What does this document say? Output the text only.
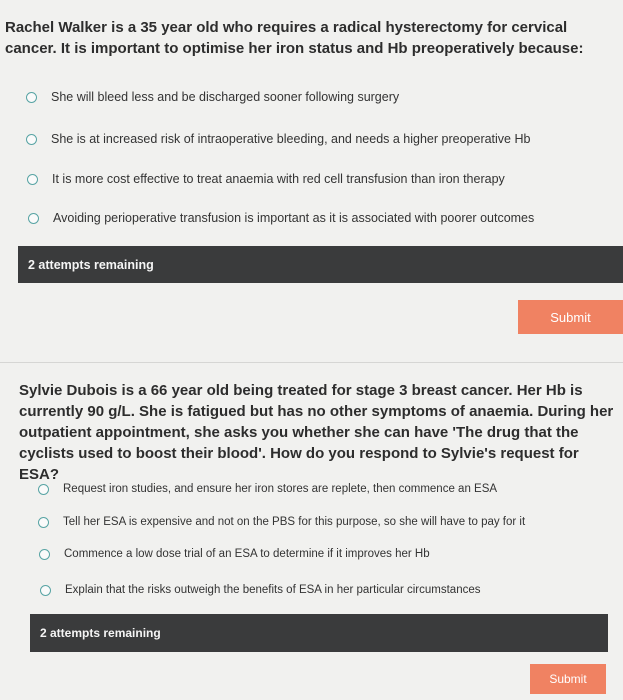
Rachel Walker is a 35 year old who requires a radical hysterectomy for cervical cancer. It is important to optimise her iron status and Hb preoperatively because:
She will bleed less and be discharged sooner following surgery
She is at increased risk of intraoperative bleeding, and needs a higher preoperative Hb
It is more cost effective to treat anaemia with red cell transfusion than iron therapy
Avoiding perioperative transfusion is important as it is associated with poorer outcomes
2 attempts remaining
Submit
Sylvie Dubois is a 66 year old being treated for stage 3 breast cancer. Her Hb is currently 90 g/L. She is fatigued but has no other symptoms of anaemia. During her outpatient appointment, she asks you whether she can have 'The drug that the cyclists used to boost their blood'. How do you respond to Sylvie's request for ESA?
Request iron studies, and ensure her iron stores are replete, then commence an ESA
Tell her ESA is expensive and not on the PBS for this purpose, so she will have to pay for it
Commence a low dose trial of an ESA to determine if it improves her Hb
Explain that the risks outweigh the benefits of ESA in her particular circumstances
2 attempts remaining
Submit
